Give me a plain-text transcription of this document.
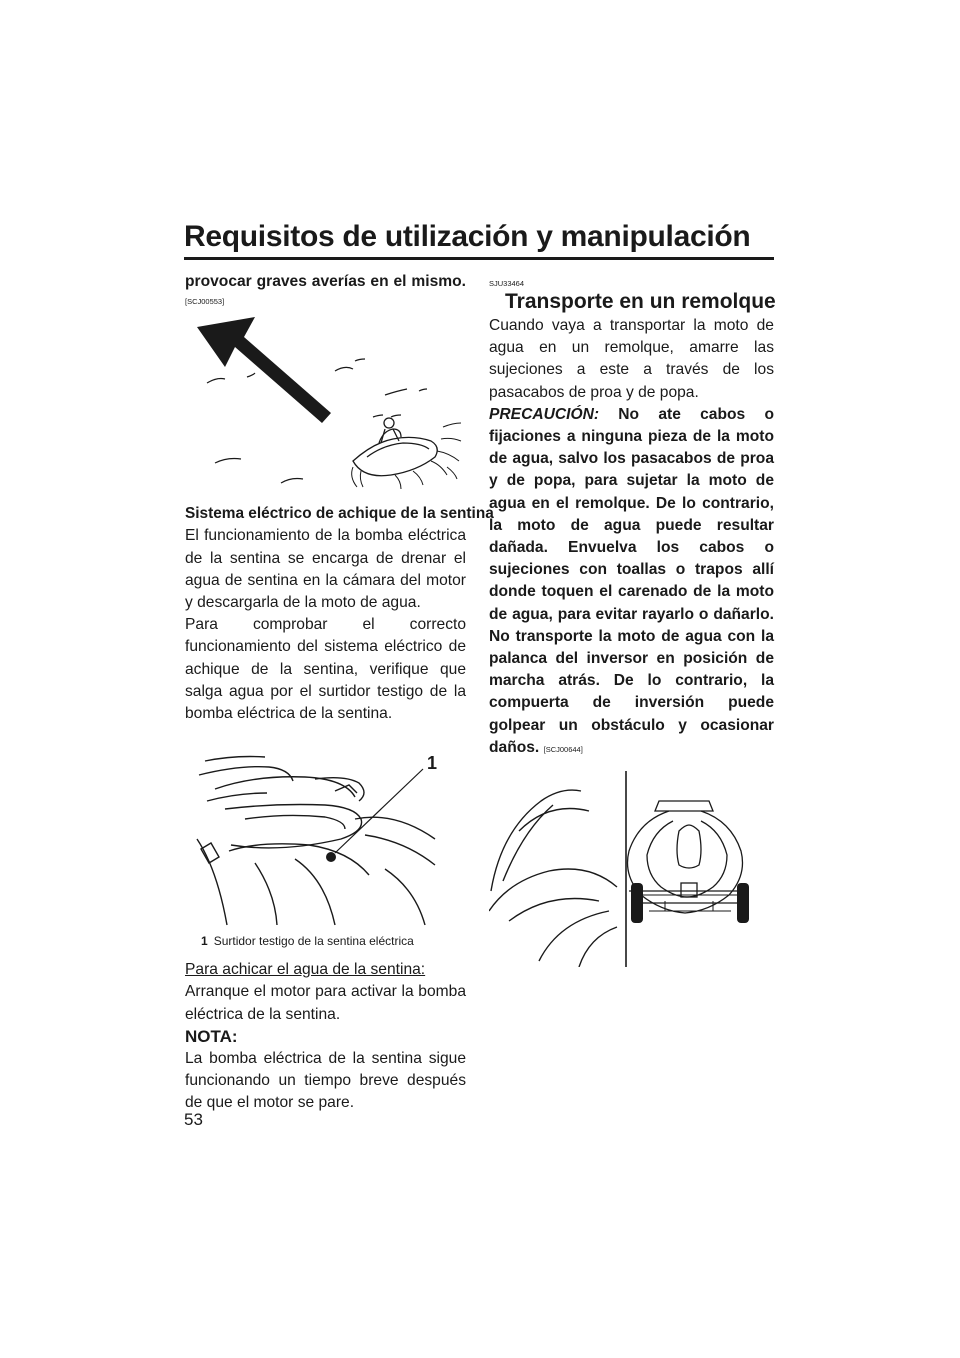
Requisitos de utilización y manipulación

provocar graves averías en el mismo.

[SCJ00553]

Sistema eléctrico de achique de la sentina

El funcionamiento de la bomba eléctrica de la sentina se encarga de drenar el agua de sentina en la cámara del motor y descargarla de la moto de agua.

Para comprobar el correcto funcionamiento del sistema eléctrico de achique de la sentina, verifique que salga agua por el surtidor testigo de la bomba eléctrica de la sentina.

1
1 Surtidor testigo de la sentina eléctrica

Para achicar el agua de la sentina:

Arranque el motor para activar la bomba eléctrica de la sentina.

NOTA:

La bomba eléctrica de la sentina sigue funcionando un tiempo breve después de que el motor se pare.

SJU33464
Transporte en un remolque

Cuando vaya a transportar la moto de agua en un remolque, amarre las sujeciones a este a través de los pasacabos de proa y de popa.

PRECAUCIÓN: No ate cabos o fijaciones a ninguna pieza de la moto de agua, salvo los pasacabos de proa y de popa, para sujetar la moto de agua en el remolque. De lo contrario, la moto de agua puede resultar dañada. Envuelva los cabos o sujeciones con toallas o trapos allí donde toquen el carenado de la moto de agua, para evitar rayarlo o dañarlo. No transporte la moto de agua con la palanca del inversor en posición de marcha atrás. De lo contrario, la compuerta de inversión puede golpear un obstáculo y ocasionar daños. [SCJ00644]

53
